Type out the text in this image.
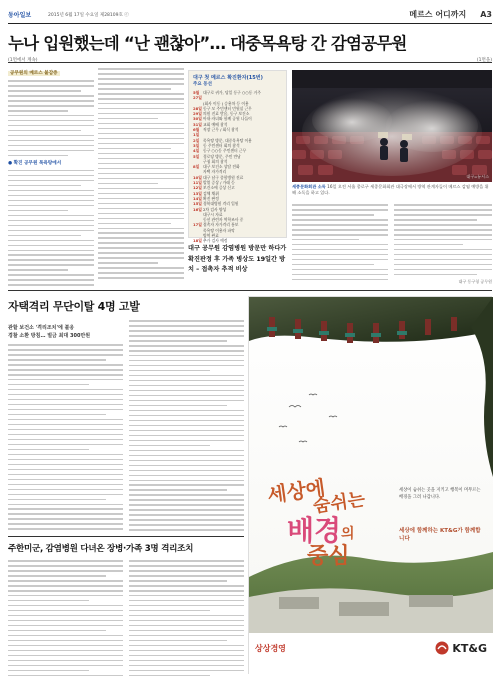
동아일보	2015년 6월 17일 수요일 제28109호 ⓒ	메르스 어디까지 A3
누나 입원했는데 “난 괜찮아”… 대중목욕탕 간 감염공무원
(1면에서 계속)	(1면을)
공무원의 메르스 불감증
● 확진 공무원 목욕탕에서
대구 첫 메르스 확진환자(15번)
주요 동선
5월 27일
대구로 귀가, 당일 동구 ○○동 거주
(회사 이동 ) 승용차 등 이용
28일 동구 모 주민센터 민원실 근무
29일 의원 진료 받음, 동구 보건소
30일 아내·자녀와 함께 공원 나들이
31일 교회 예배 참석
6월 1일
직장 근무 / 회식 참석
2일 목욕탕 방문, 대중목욕탕 이용
3일 동 주민센터 회의 참석
4일 동구 ○○동 주민센터 근무
5일 경로당 방문, 주민 만남
구청 회의 참석
8일 대구 보건소 상담 전화
자택 자가격리
10일 대구 남구 종합병원 진료
11일 발열 증상 / 가래 등
12일 보건소에 증상 신고
13일 검체 채취
14일 확진 판정
15일 경북대병원 격리 입원
16일 2차 검사 양성
대구시 자료
동선 관련자 역학조사 중
17일 접촉자 자가격리 통보
목욕탕 이용자 파악
방역 완료
18일 추가 검사 예정
대구=뉴시스
세종문화회관 소독 16일 오전 서울 종로구 세종문화회관 대극장에서 방역 관계자들이 메르스 감염 예방을 위해 소독을 하고 있다.
대구 공무원 감염병원 방문만 하다가 확진판정 후 가족 병상도 19일간 방치 – 접촉자 추적 비상
대구 동구청 공무원
자택격리 무단이탈 4명 고발
관할 보건소 '격리조치'에 불응
경찰 소환 방침… 벌금 최대 300만원
주한미군, 감염병원 다녀온 장병·가족 3명 격리조치
세상에
숨쉬는
배경 의
중심
세상이 숨쉬는 곳을 지키고 행복이 머무르는 배경을 그려 나갑니다.
세상에 함께하는 KT&G가 함께합니다
상상경영	KT&G
